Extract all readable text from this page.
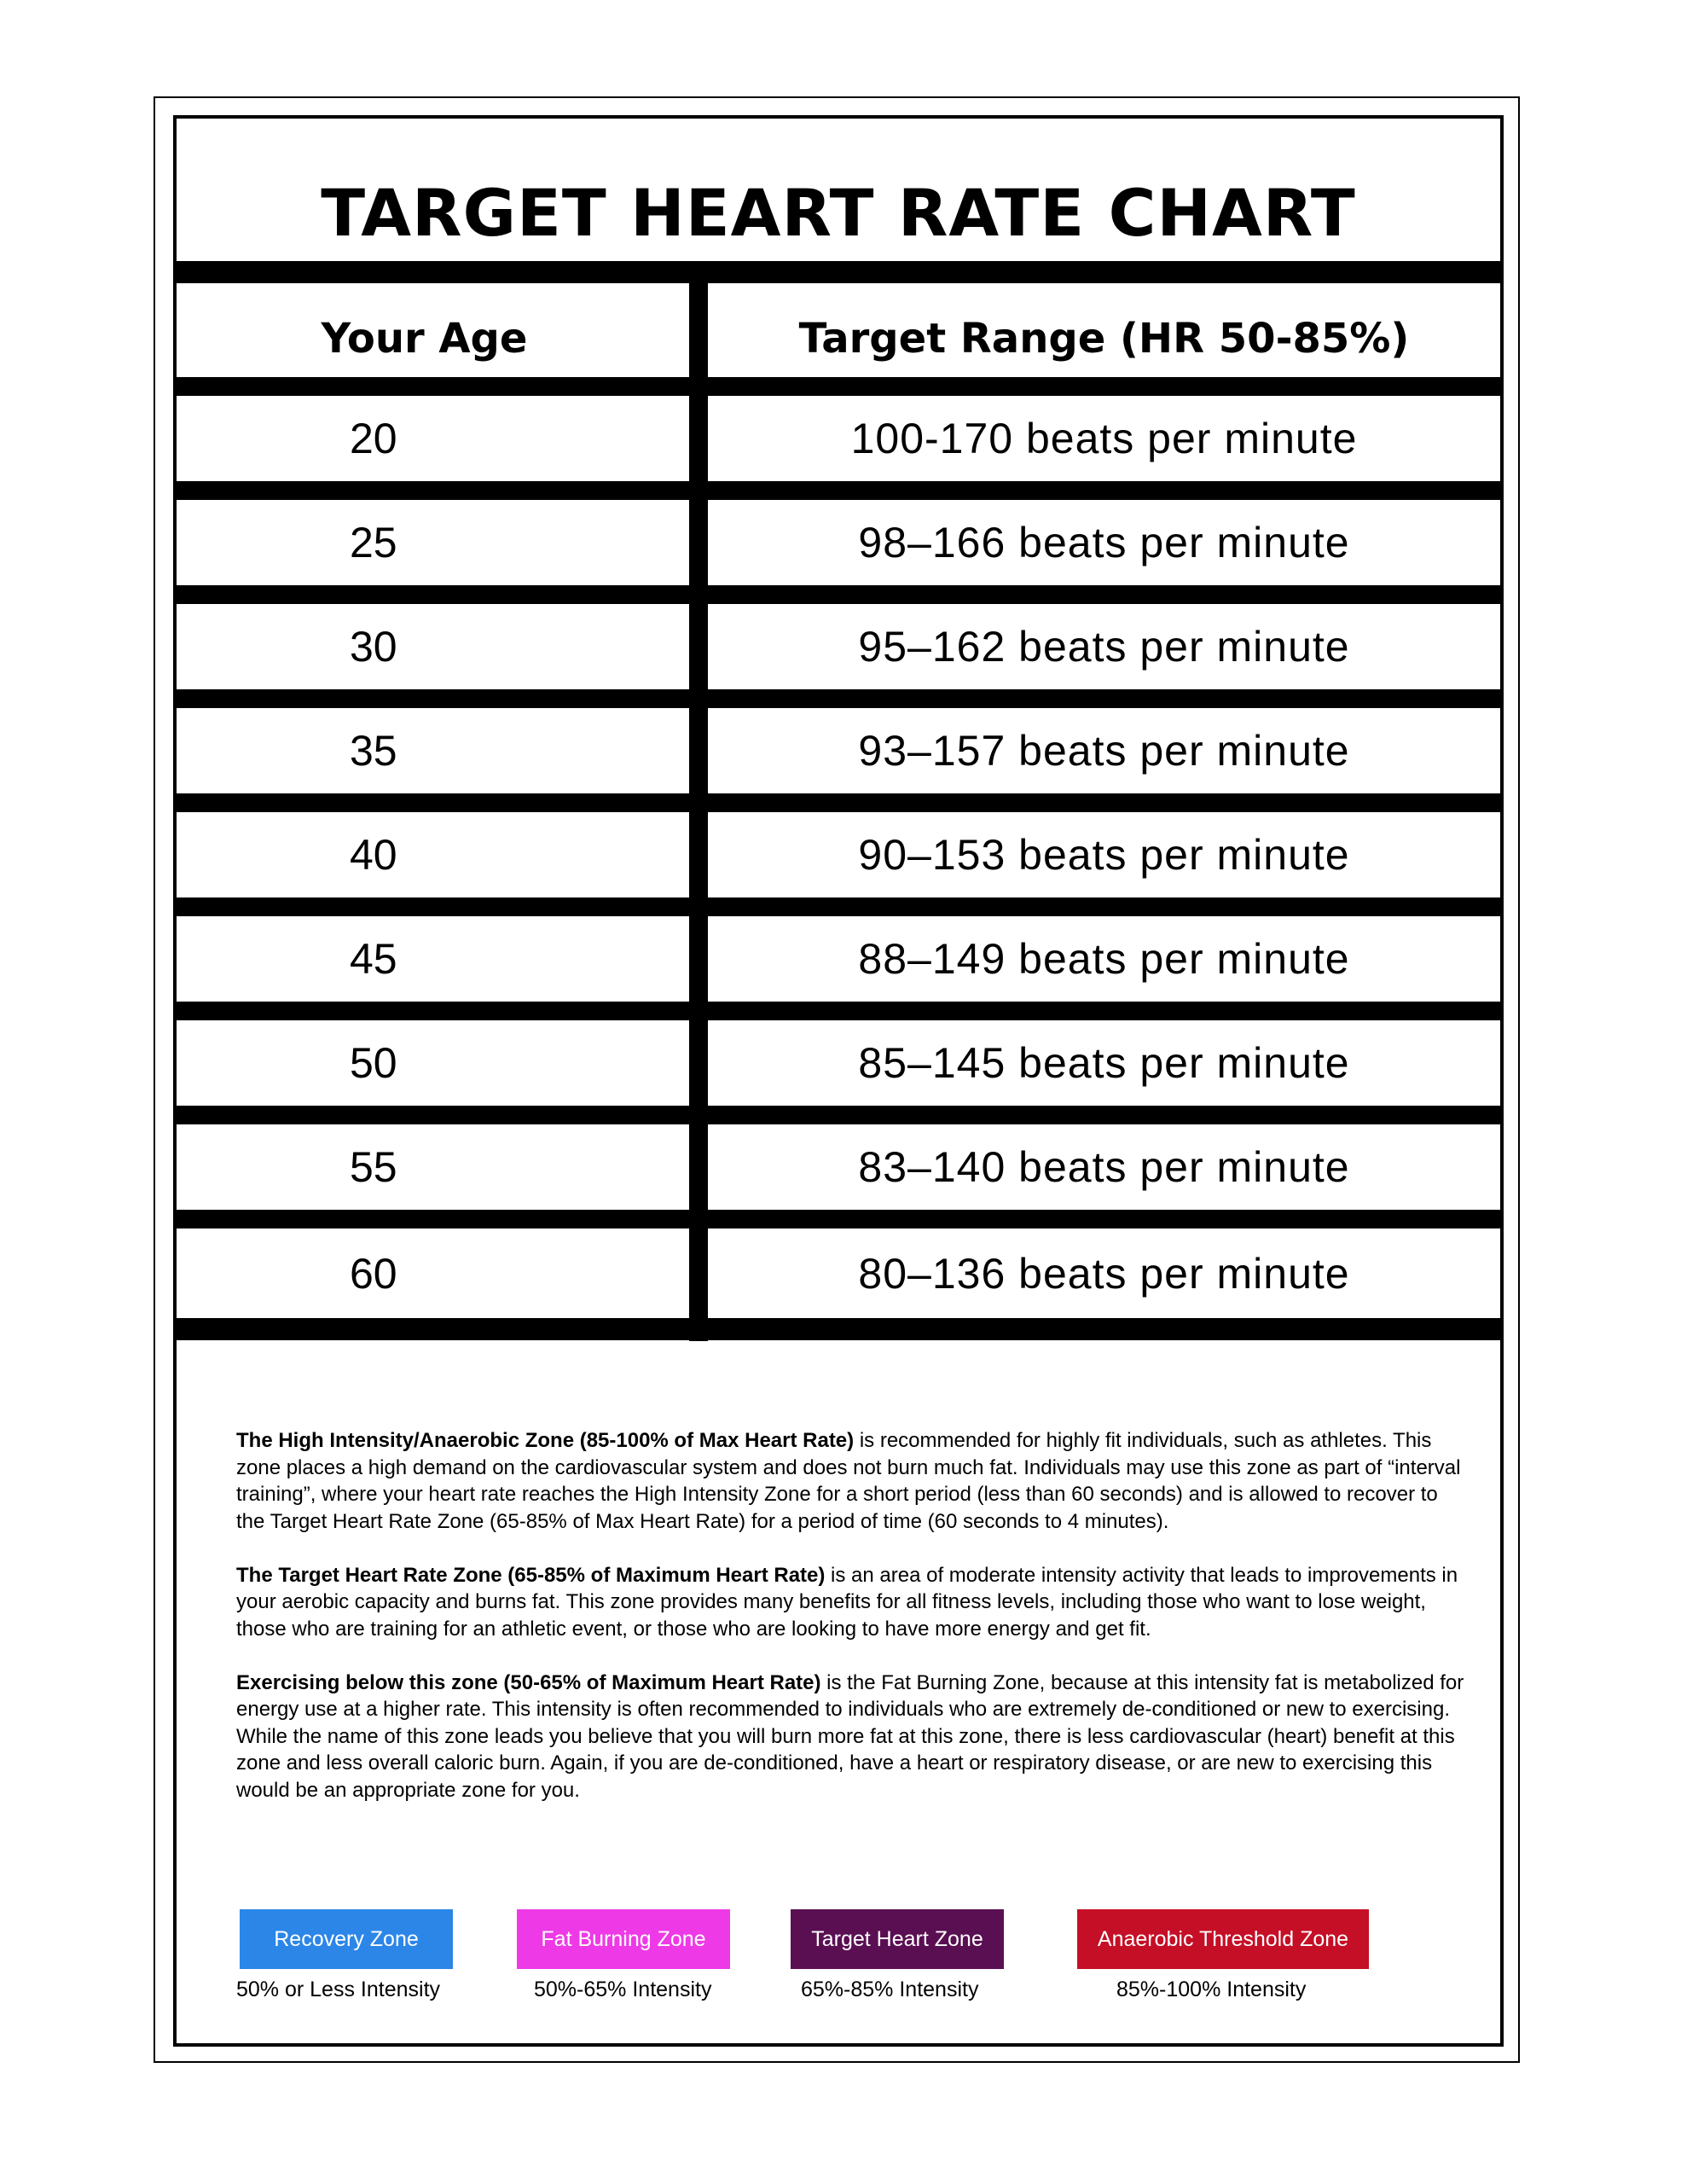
TARGET HEART RATE CHART
Your Age	Target Range (HR 50-85%)
20	100-170 beats per minute
25	98–166 beats per minute
30	95–162 beats per minute
35	93–157 beats per minute
40	90–153 beats per minute
45	88–149 beats per minute
50	85–145 beats per minute
55	83–140 beats per minute
60	80–136 beats per minute

The High Intensity/Anaerobic Zone (85-100% of Max Heart Rate) is recommended for highly fit individuals, such as athletes. This zone places a high demand on the cardiovascular system and does not burn much fat. Individuals may use this zone as part of “interval training”, where your heart rate reaches the High Intensity Zone for a short period (less than 60 seconds) and is allowed to recover to the Target Heart Rate Zone (65-85% of Max Heart Rate) for a period of time (60 seconds to 4 minutes).

The Target Heart Rate Zone (65-85% of Maximum Heart Rate) is an area of moderate intensity activity that leads to improvements in your aerobic capacity and burns fat. This zone provides many benefits for all fitness levels, including those who want to lose weight, those who are training for an athletic event, or those who are looking to have more energy and get fit.

Exercising below this zone (50-65% of Maximum Heart Rate) is the Fat Burning Zone, because at this intensity fat is metabolized for energy use at a higher rate. This intensity is often recommended to individuals who are extremely de-conditioned or new to exercising. While the name of this zone leads you believe that you will burn more fat at this zone, there is less cardiovascular (heart) benefit at this zone and less overall caloric burn. Again, if you are de-conditioned, have a heart or respiratory disease, or are new to exercising this would be an appropriate zone for you.

Recovery Zone	Fat Burning Zone	Target Heart Zone	Anaerobic Threshold Zone
50% or Less Intensity	50%-65% Intensity	65%-85% Intensity	85%-100% Intensity
